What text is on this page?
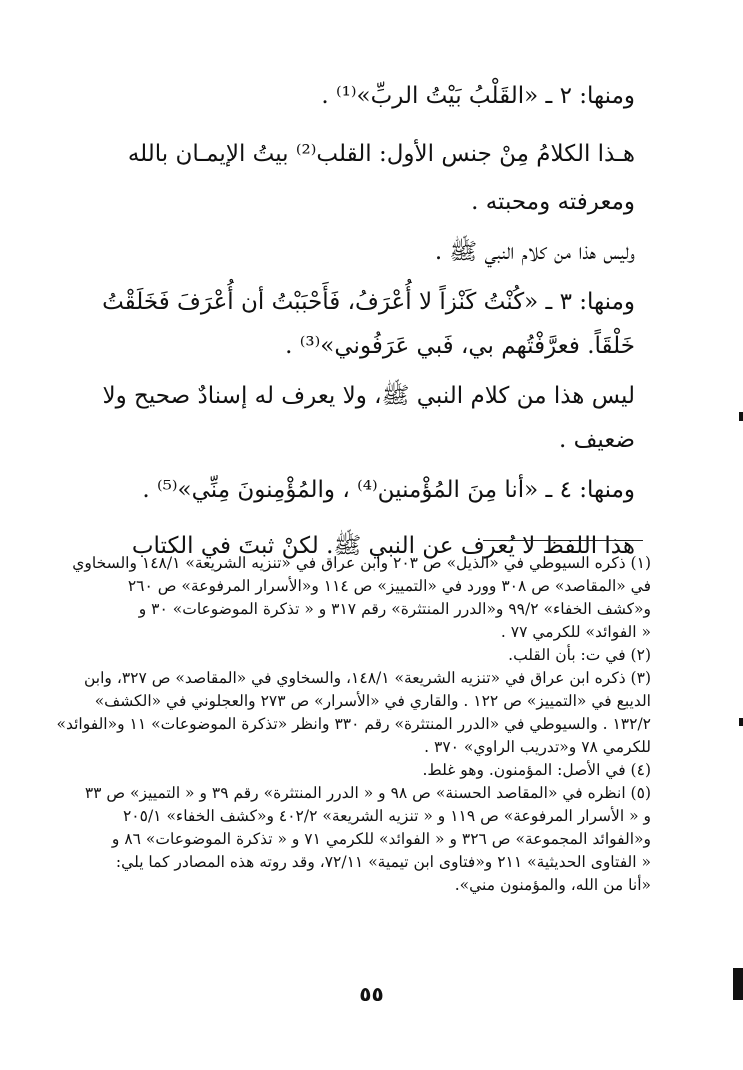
ومنها: ٢ ـ «القَلْبُ بَيْتُ الربِّ»⁽¹⁾ .

هـذا الكلامُ مِنْ جنس الأول: القلب⁽²⁾ بيتُ الإيمـان بالله

ومعرفته ومحبته .

وليس هذا من كلام النبي ﷺ .

ومنها: ٣ ـ «كُنْتُ كَنْزاً لا أُعْرَفُ، فَأَحْبَبْتُ أن أُعْرَفَ فَخَلَقْتُ

خَلْقَاً. فعرَّفْتُهم بي، فَبي عَرَفُوني»⁽³⁾ .

ليس هذا من كلام النبي ﷺ، ولا يعرف له إسنادٌ صحيح ولا

ضعيف .

ومنها: ٤ ـ «أنا مِنَ المُؤْمنين⁽⁴⁾ ، والمُؤْمِنونَ مِنِّي»⁽⁵⁾ .

هذا اللفظ لا يُعرف عن النبي ﷺ. لكنْ ثبتَ في الكتاب

(١) ذكره السيوطي في «الذيل» ص ٢٠٣ وابن عراق في «تنزيه الشريعة» ١٤٨/١ والسخاوي

في «المقاصد» ص ٣٠٨ وورد في «التمييز» ص ١١٤ و«الأسرار المرفوعة» ص ٢٦٠

و«كشف الخفاء» ٩٩/٢ و«الدرر المنتثرة» رقم ٣١٧ و « تذكرة الموضوعات» ٣٠ و

« الفوائد» للكرمي ٧٧ .

(٢) في ت: بأن القلب.

(٣) ذكره ابن عراق في «تنزيه الشريعة» ١٤٨/١، والسخاوي في «المقاصد» ص ٣٢٧، وابن

الديبع في «التمييز» ص ١٢٢ . والقاري في «الأسرار» ص ٢٧٣ والعجلوني في «الكشف»

١٣٢/٢ . والسيوطي في «الدرر المنتثرة» رقم ٣٣٠ وانظر «تذكرة الموضوعات» ١١ و«الفوائد»

للكرمي ٧٨ و«تدريب الراوي» ٣٧٠ .

(٤) في الأصل: المؤمنون. وهو غلط.

(٥) انظره في «المقاصد الحسنة» ص ٩٨ و « الدرر المنتثرة» رقم ٣٩ و « التمييز» ص ٣٣

و « الأسرار المرفوعة» ص ١١٩ و « تنزيه الشريعة» ٤٠٢/٢ و«كشف الخفاء» ٢٠٥/١

و«الفوائد المجموعة» ص ٣٢٦ و « الفوائد» للكرمي ٧١ و « تذكرة الموضوعات» ٨٦ و

« الفتاوى الحديثية» ٢١١ و«فتاوى ابن تيمية» ٧٢/١١، وقد روته هذه المصادر كما يلي:

«أنا من الله، والمؤمنون مني».

٥٥
